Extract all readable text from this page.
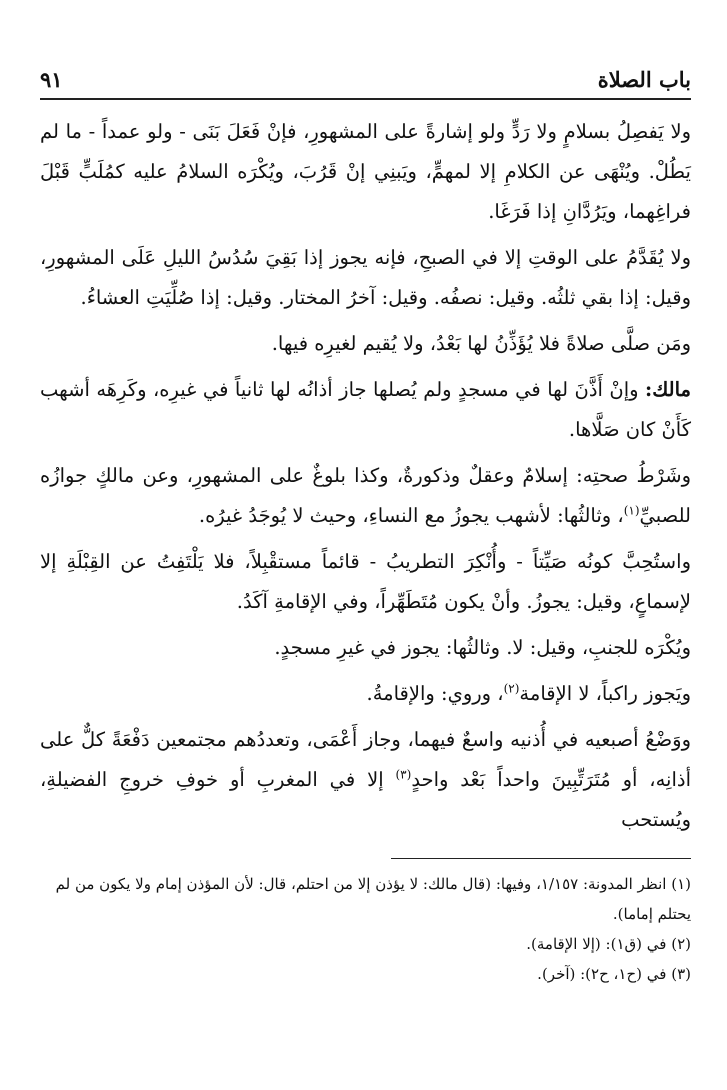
باب الصلاة
٩١

ولا يَفصِلُ بسلامٍ ولا رَدٍّ ولو إشارةً على المشهورِ، فإنْ فَعَلَ بَنَى - ولو عمداً - ما لم يَطُلْ. ويُنْهَى عن الكلامِ إلا لمهمٍّ، ويَبنِي إنْ قَرُبَ، ويُكْرَه السلامُ عليه كمُلَبٍّ قَبْلَ فراغِهما، ويَرُدَّانِ إذا فَرَغَا.

ولا يُقَدَّمُ على الوقتِ إلا في الصبحِ، فإنه يجوز إذا بَقِيَ سُدُسُ الليلِ عَلَى المشهورِ، وقيل: إذا بقي ثلثُه. وقيل: نصفُه. وقيل: آخرُ المختار. وقيل: إذا صُلِّيَتِ العشاءُ.

ومَن صلَّى صلاةً فلا يُؤَذِّنُ لها بَعْدُ، ولا يُقيم لغيرِه فيها.

مالك: وإنْ أَذَّنَ لها في مسجدٍ ولم يُصلها جاز أذانُه لها ثانياً في غيرِه، وكَرِهَه أشهب كَأَنْ كان صَلَّاها.

وشَرْطُ صحتِه: إسلامٌ وعقلٌ وذكورةٌ، وكذا بلوغٌ على المشهورِ، وعن مالكٍ جوازُه للصبيِّ$^{(١)}$، وثالثُها: لأشهب يجوزُ مع النساءِ، وحيث لا يُوجَدُ غيرُه.

واستُحِبَّ كونُه صَيِّتاً - وأُنْكِرَ التطريبُ - قائماً مستقْبِلاً، فلا يَلْتَفِتُ عن القِبْلَةِ إلا لإسماعٍ، وقيل: يجوزُ. وأنْ يكون مُتَطَهِّراً، وفي الإقامةِ آكَدُ.

ويُكْرَه للجنبِ، وقيل: لا. وثالثُها: يجوز في غيرِ مسجدٍ.

ويَجوز راكباً، لا الإقامة$^{(٢)}$، وروي: والإقامةُ.

ووَضْعُ أصبعيه في أُذنيه واسعٌ فيهما، وجاز أَعْمَى، وتعددُهم مجتمعين دَفْعَةً كلٌّ على أذانِه، أو مُتَرَتِّبِينَ واحداً بَعْد واحدٍ$^{(٣)}$ إلا في المغربِ أو خوفِ خروجِ الفضيلةِ، ويُستحب

(١) انظر المدونة: ١/١٥٧، وفيها: (قال مالك: لا يؤذن إلا من احتلم، قال: لأن المؤذن إمام ولا يكون من لم يحتلم إماما).

(٢) في (ق١): (إلا الإقامة).

(٣) في (ح١، ح٢): (آخر).
